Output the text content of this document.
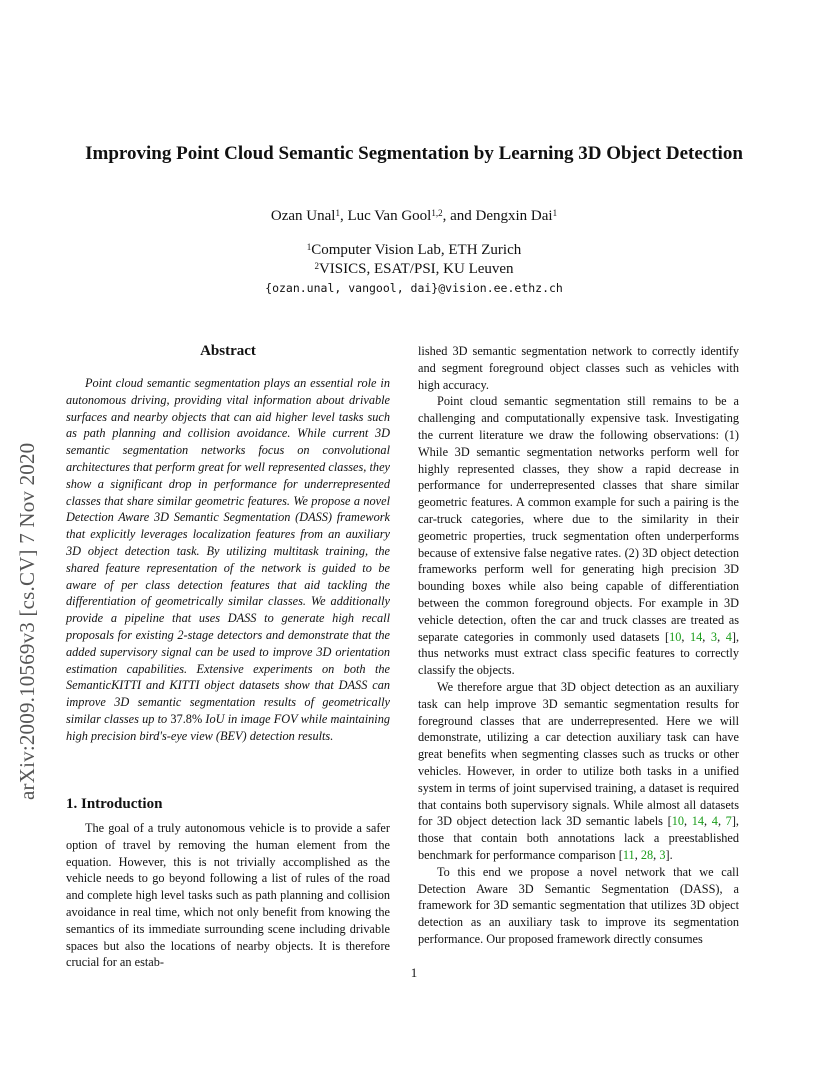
arXiv:2009.10569v3 [cs.CV] 7 Nov 2020
Improving Point Cloud Semantic Segmentation by Learning 3D Object Detection
Ozan Unal$^1$, Luc Van Gool$^{1,2}$, and Dengxin Dai$^1$
$^1$Computer Vision Lab, ETH Zurich
$^2$VISICS, ESAT/PSI, KU Leuven
{ozan.unal, vangool, dai}@vision.ee.ethz.ch
Abstract

Point cloud semantic segmentation plays an essential role in autonomous driving, providing vital information about drivable surfaces and nearby objects that can aid higher level tasks such as path planning and collision avoidance. While current 3D semantic segmentation networks focus on convolutional architectures that perform great for well represented classes, they show a significant drop in performance for underrepresented classes that share similar geometric features. We propose a novel Detection Aware 3D Semantic Segmentation (DASS) framework that explicitly leverages localization features from an auxiliary 3D object detection task. By utilizing multitask training, the shared feature representation of the network is guided to be aware of per class detection features that aid tackling the differentiation of geometrically similar classes. We additionally provide a pipeline that uses DASS to generate high recall proposals for existing 2-stage detectors and demonstrate that the added supervisory signal can be used to improve 3D orientation estimation capabilities. Extensive experiments on both the SemanticKITTI and KITTI object datasets show that DASS can improve 3D semantic segmentation results of geometrically similar classes up to 37.8% IoU in image FOV while maintaining high precision bird's-eye view (BEV) detection results.

1. Introduction

The goal of a truly autonomous vehicle is to provide a safer option of travel by removing the human element from the equation. However, this is not trivially accomplished as the vehicle needs to go beyond following a list of rules of the road and complete high level tasks such as path planning and collision avoidance in real time, which not only benefit from knowing the semantics of its immediate surrounding scene including drivable spaces but also the locations of nearby objects. It is therefore crucial for an estab-

lished 3D semantic segmentation network to correctly identify and segment foreground object classes such as vehicles with high accuracy.

Point cloud semantic segmentation still remains to be a challenging and computationally expensive task. Investigating the current literature we draw the following observations: (1) While 3D semantic segmentation networks perform well for highly represented classes, they show a rapid decrease in performance for underrepresented classes that share similar geometric features. A common example for such a pairing is the car-truck categories, where due to the similarity in their geometric properties, truck segmentation often underperforms because of extensive false negative rates. (2) 3D object detection frameworks perform well for generating high precision 3D bounding boxes while also being capable of differentiation between the common foreground objects. For example in 3D vehicle detection, often the car and truck classes are treated as separate categories in commonly used datasets [10, 14, 3, 4], thus networks must extract class specific features to correctly classify the objects.

We therefore argue that 3D object detection as an auxiliary task can help improve 3D semantic segmentation results for foreground classes that are underrepresented. Here we will demonstrate, utilizing a car detection auxiliary task can have great benefits when segmenting classes such as trucks or other vehicles. However, in order to utilize both tasks in a unified system in terms of joint supervised training, a dataset is required that contains both supervisory signals. While almost all datasets for 3D object detection lack 3D semantic labels [10, 14, 4, 7], those that contain both annotations lack a preestablished benchmark for performance comparison [11, 28, 3].

To this end we propose a novel network that we call Detection Aware 3D Semantic Segmentation (DASS), a framework for 3D semantic segmentation that utilizes 3D object detection as an auxiliary task to improve its segmentation performance. Our proposed framework directly consumes

1
